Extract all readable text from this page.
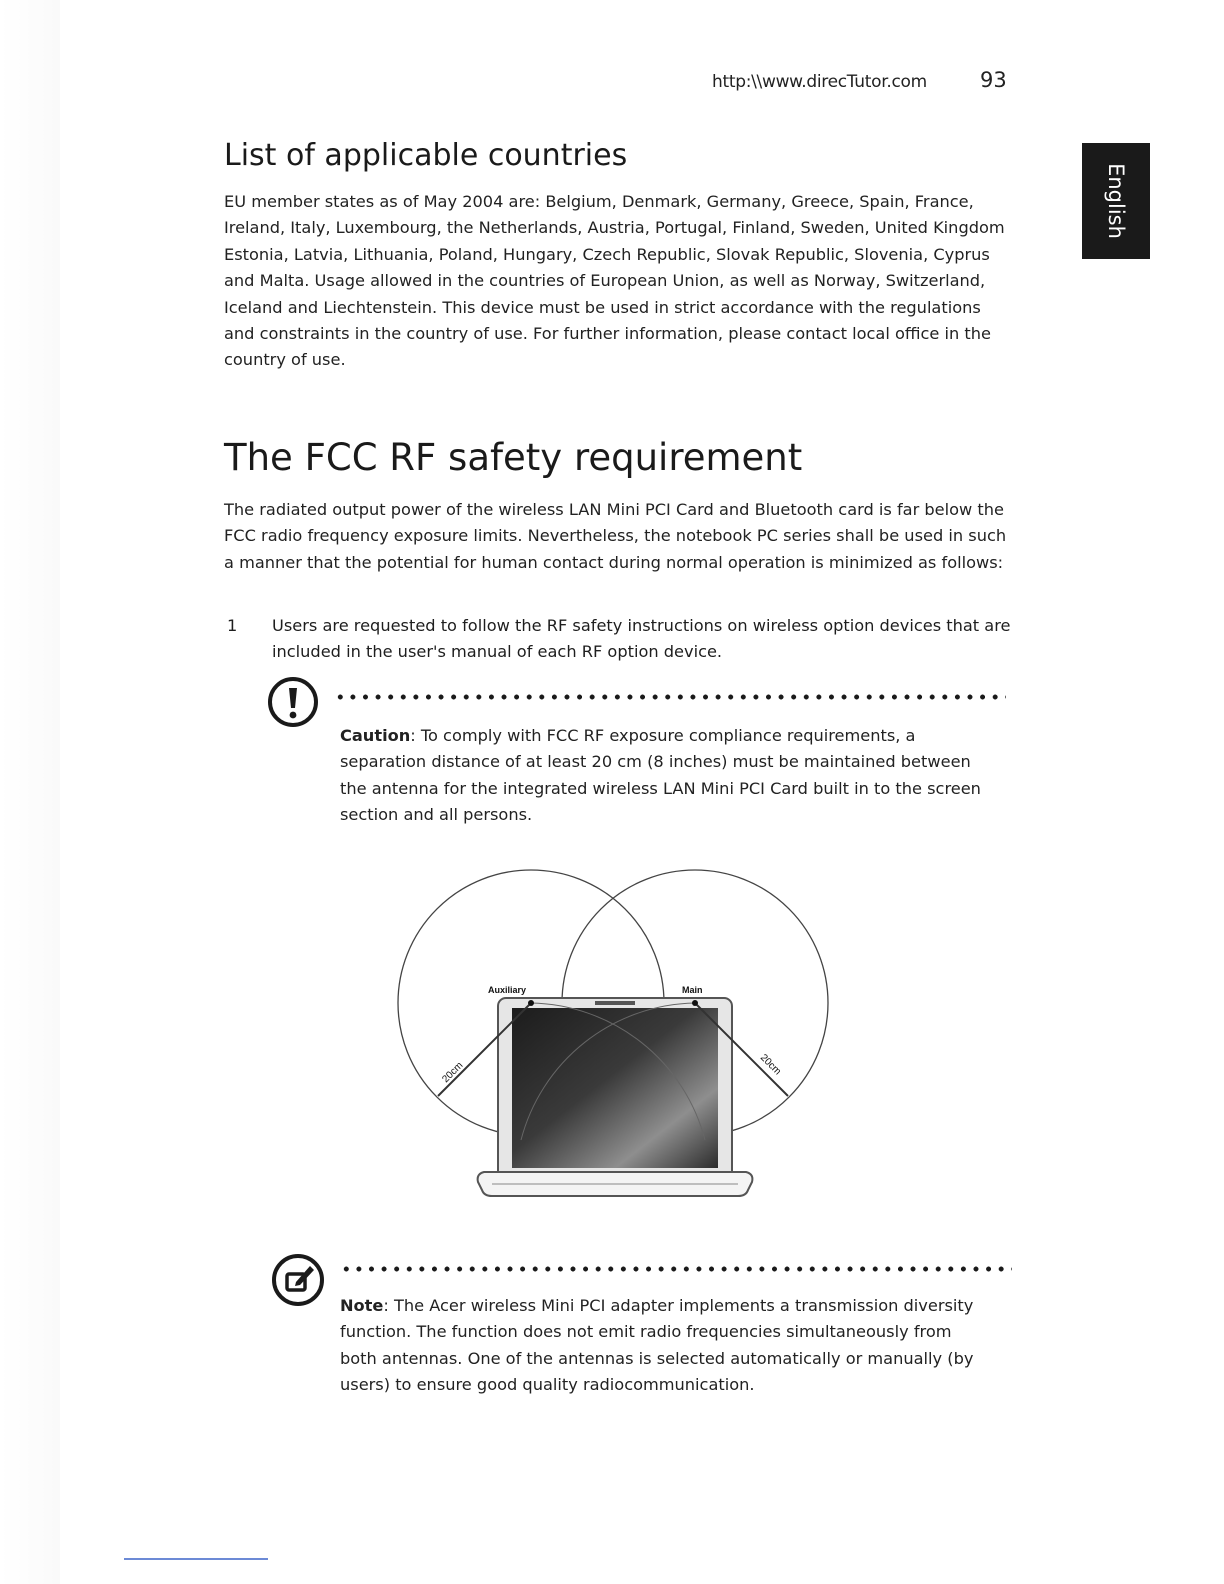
http:\\www.direcTutor.com	93
English
List of applicable countries

EU member states as of May 2004 are: Belgium, Denmark, Germany, Greece, Spain, France, Ireland, Italy, Luxembourg, the Netherlands, Austria, Portugal, Finland, Sweden, United Kingdom Estonia, Latvia, Lithuania, Poland, Hungary, Czech Republic, Slovak Republic, Slovenia, Cyprus and Malta. Usage allowed in the countries of European Union, as well as Norway, Switzerland, Iceland and Liechtenstein. This device must be used in strict accordance with the regulations and constraints in the country of use. For further information, please contact local office in the country of use.

The FCC RF safety requirement

The radiated output power of the wireless LAN Mini PCI Card and Bluetooth card is far below the FCC radio frequency exposure limits. Nevertheless, the notebook PC series shall be used in such a manner that the potential for human contact during normal operation is minimized as follows:

1 Users are requested to follow the RF safety instructions on wireless option devices that are included in the user's manual of each RF option device.

Caution: To comply with FCC RF exposure compliance requirements, a separation distance of at least 20 cm (8 inches) must be maintained between the antenna for the integrated wireless LAN Mini PCI Card built in to the screen section and all persons.

Auxiliary	Main
20cm	20cm

Note: The Acer wireless Mini PCI adapter implements a transmission diversity function. The function does not emit radio frequencies simultaneously from both antennas. One of the antennas is selected automatically or manually (by users) to ensure good quality radiocommunication.
